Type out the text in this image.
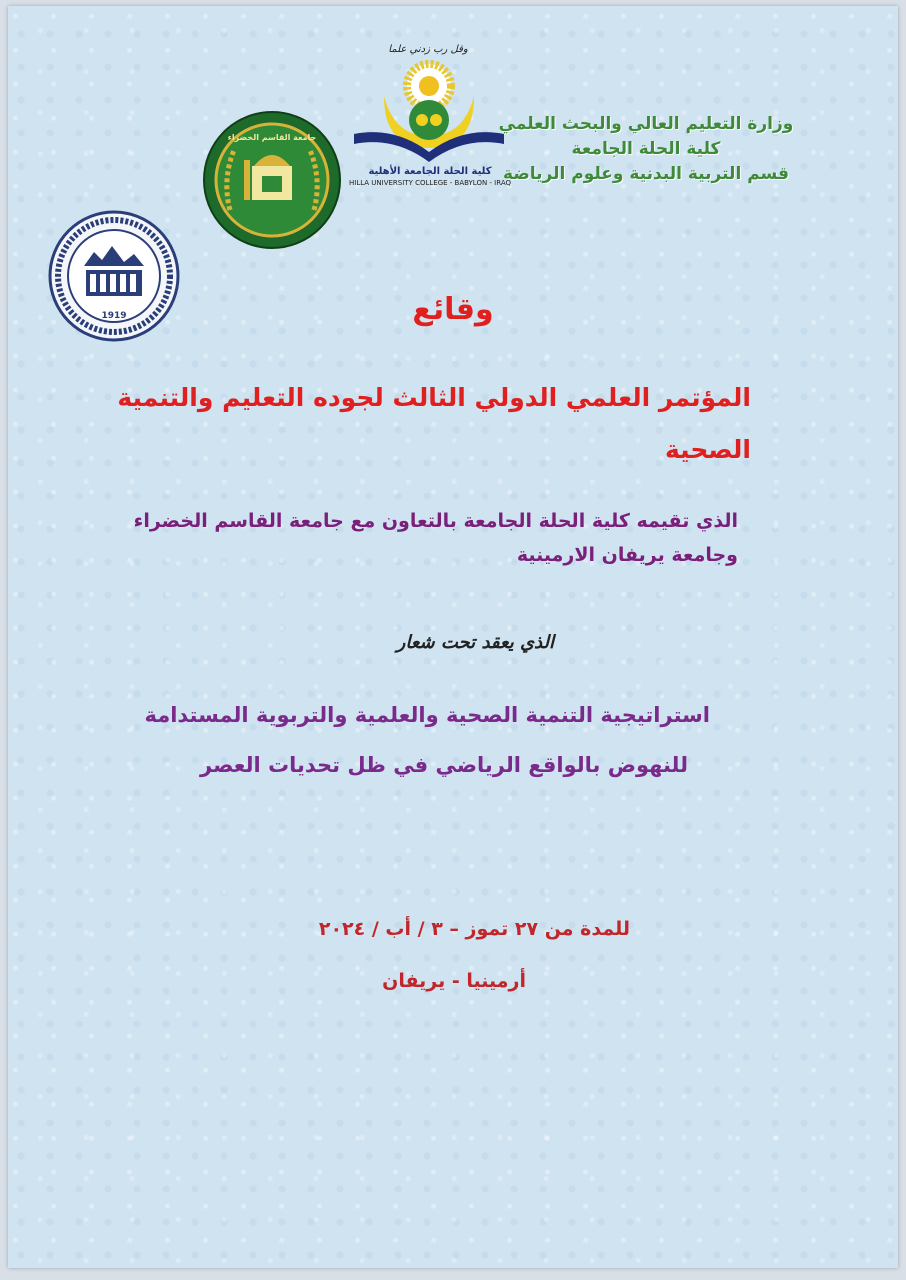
1919
جامعة القاسم الخضراء
وقل رب زدني علما
كلية الحلة الجامعة الأهلية
HILLA UNIVERSITY COLLEGE - BABYLON - IRAQ
وزارة التعليم العالي والبحث العلمي
كلية الحلة الجامعة
قسم التربية البدنية وعلوم الرياضة
وقائع
المؤتمر العلمي الدولي الثالث لجوده التعليم والتنمية
الصحية
الذي تقيمه كلية الحلة الجامعة بالتعاون مع جامعة القاسم الخضراء
وجامعة يريفان الارمينية
الذي يعقد تحت شعار
استراتيجية التنمية الصحية والعلمية والتربوية المستدامة
للنهوض بالواقع الرياضي في ظل تحديات العصر
للمدة من ٢٧ تموز – ٣ / أب / ٢٠٢٤
أرمينيا - يريفان
